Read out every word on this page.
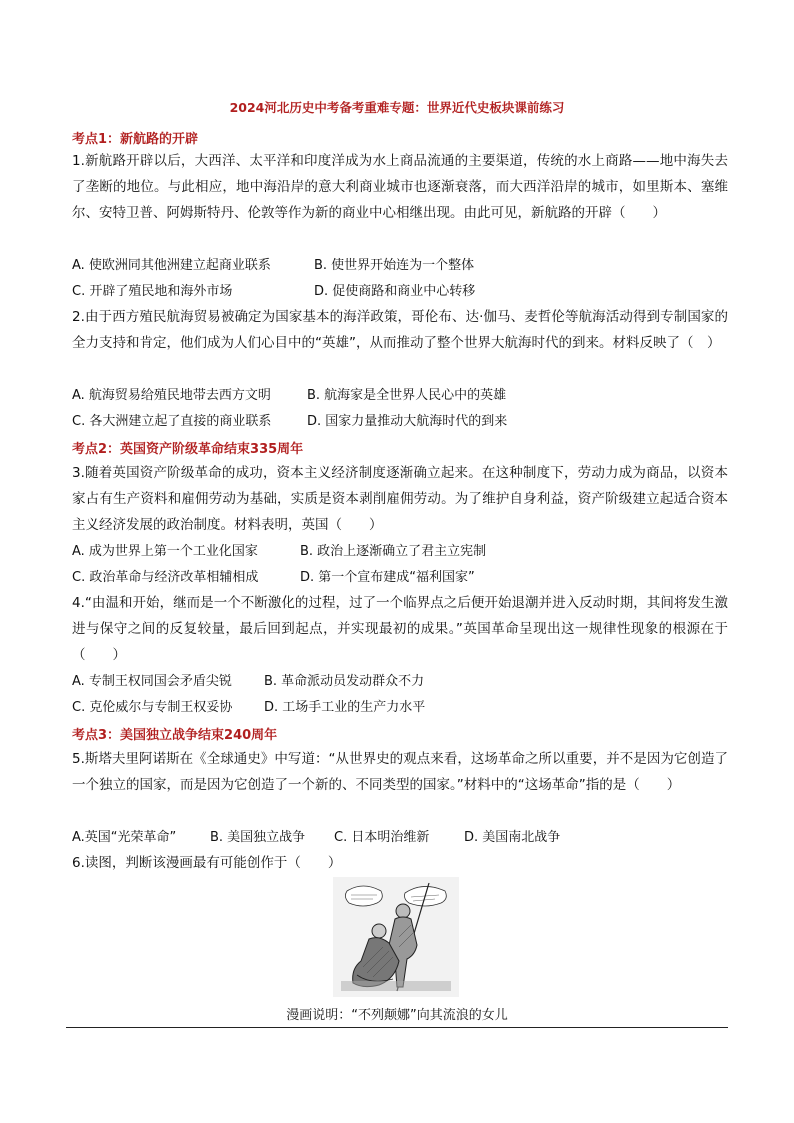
2024河北历史中考备考重难专题：世界近代史板块课前练习
考点1：新航路的开辟
1.新航路开辟以后，大西洋、太平洋和印度洋成为水上商品流通的主要渠道，传统的水上商路——地中海失去了垄断的地位。与此相应，地中海沿岸的意大利商业城市也逐渐衰落，而大西洋沿岸的城市，如里斯本、塞维尔、安特卫普、阿姆斯特丹、伦敦等作为新的商业中心相继出现。由此可见，新航路的开辟（　　）
A. 使欧洲同其他洲建立起商业联系	B. 使世界开始连为一个整体
C. 开辟了殖民地和海外市场	D. 促使商路和商业中心转移
2.由于西方殖民航海贸易被确定为国家基本的海洋政策，哥伦布、达·伽马、麦哲伦等航海活动得到专制国家的全力支持和肯定，他们成为人们心目中的“英雄”，从而推动了整个世界大航海时代的到来。材料反映了（　）
A. 航海贸易给殖民地带去西方文明	B. 航海家是全世界人民心中的英雄
C. 各大洲建立起了直接的商业联系	D. 国家力量推动大航海时代的到来
考点2：英国资产阶级革命结束335周年
3.随着英国资产阶级革命的成功，资本主义经济制度逐渐确立起来。在这种制度下，劳动力成为商品，以资本家占有生产资料和雇佣劳动为基础，实质是资本剥削雇佣劳动。为了维护自身利益，资产阶级建立起适合资本主义经济发展的政治制度。材料表明，英国（　　）
A. 成为世界上第一个工业化国家	B. 政治上逐渐确立了君主立宪制
C. 政治革命与经济改革相辅相成	D. 第一个宣布建成“福利国家”
4.“由温和开始，继而是一个不断激化的过程，过了一个临界点之后便开始退潮并进入反动时期，其间将发生激进与保守之间的反复较量，最后回到起点，并实现最初的成果。”英国革命呈现出这一规律性现象的根源在于（　　）
A. 专制王权同国会矛盾尖锐 B. 革命派动员发动群众不力
C. 克伦威尔与专制王权妥协 D. 工场手工业的生产力水平
考点3：美国独立战争结束240周年
5.斯塔夫里阿诺斯在《全球通史》中写道：“从世界史的观点来看，这场革命之所以重要，并不是因为它创造了一个独立的国家，而是因为它创造了一个新的、不同类型的国家。”材料中的“这场革命”指的是（　　）
A.英国“光荣革命”	B. 美国独立战争 C. 日本明治维新	D. 美国南北战争
6.读图，判断该漫画最有可能创作于（　　）
漫画说明：“不列颠娜”向其流浪的女儿
